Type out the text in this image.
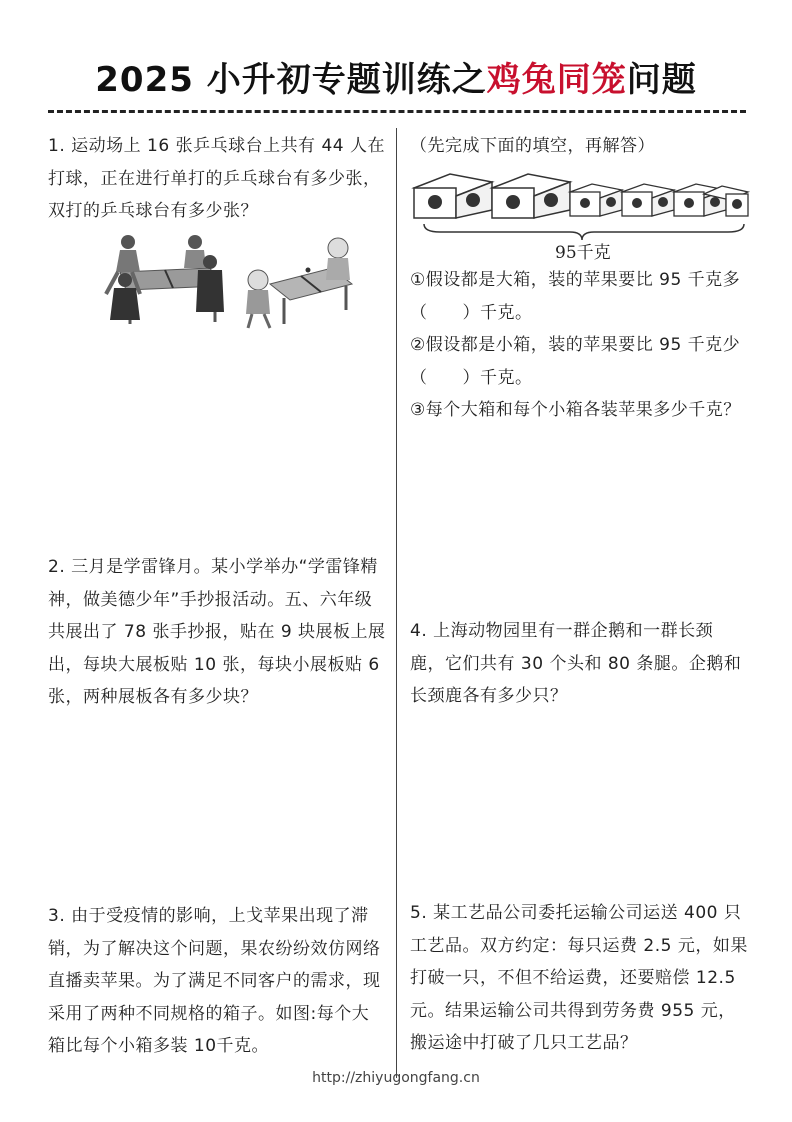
2025 小升初专题训练之鸡兔同笼问题

1. 运动场上 16 张乒乓球台上共有 44 人在打球，正在进行单打的乒乓球台有多少张，双打的乒乓球台有多少张？

2. 三月是学雷锋月。某小学举办“学雷锋精神，做美德少年”手抄报活动。五、六年级共展出了 78 张手抄报，贴在 9 块展板上展出，每块大展板贴 10 张，每块小展板贴 6 张，两种展板各有多少块？

3. 由于受疫情的影响，上戈苹果出现了滞销，为了解决这个问题，果农纷纷效仿网络直播卖苹果。为了满足不同客户的需求，现采用了两种不同规格的箱子。如图:每个大箱比每个小箱多装 10千克。

（先完成下面的填空，再解答）

95千克

①假设都是大箱，装的苹果要比 95 千克多（　　）千克。

②假设都是小箱，装的苹果要比 95 千克少（　　）千克。

③每个大箱和每个小箱各装苹果多少千克？

4. 上海动物园里有一群企鹅和一群长颈鹿，它们共有 30 个头和 80 条腿。企鹅和长颈鹿各有多少只？

5. 某工艺品公司委托运输公司运送 400 只工艺品。双方约定：每只运费 2.5 元，如果打破一只，不但不给运费，还要赔偿 12.5 元。结果运输公司共得到劳务费 955 元，搬运途中打破了几只工艺品？

http://zhiyugongfang.cn
